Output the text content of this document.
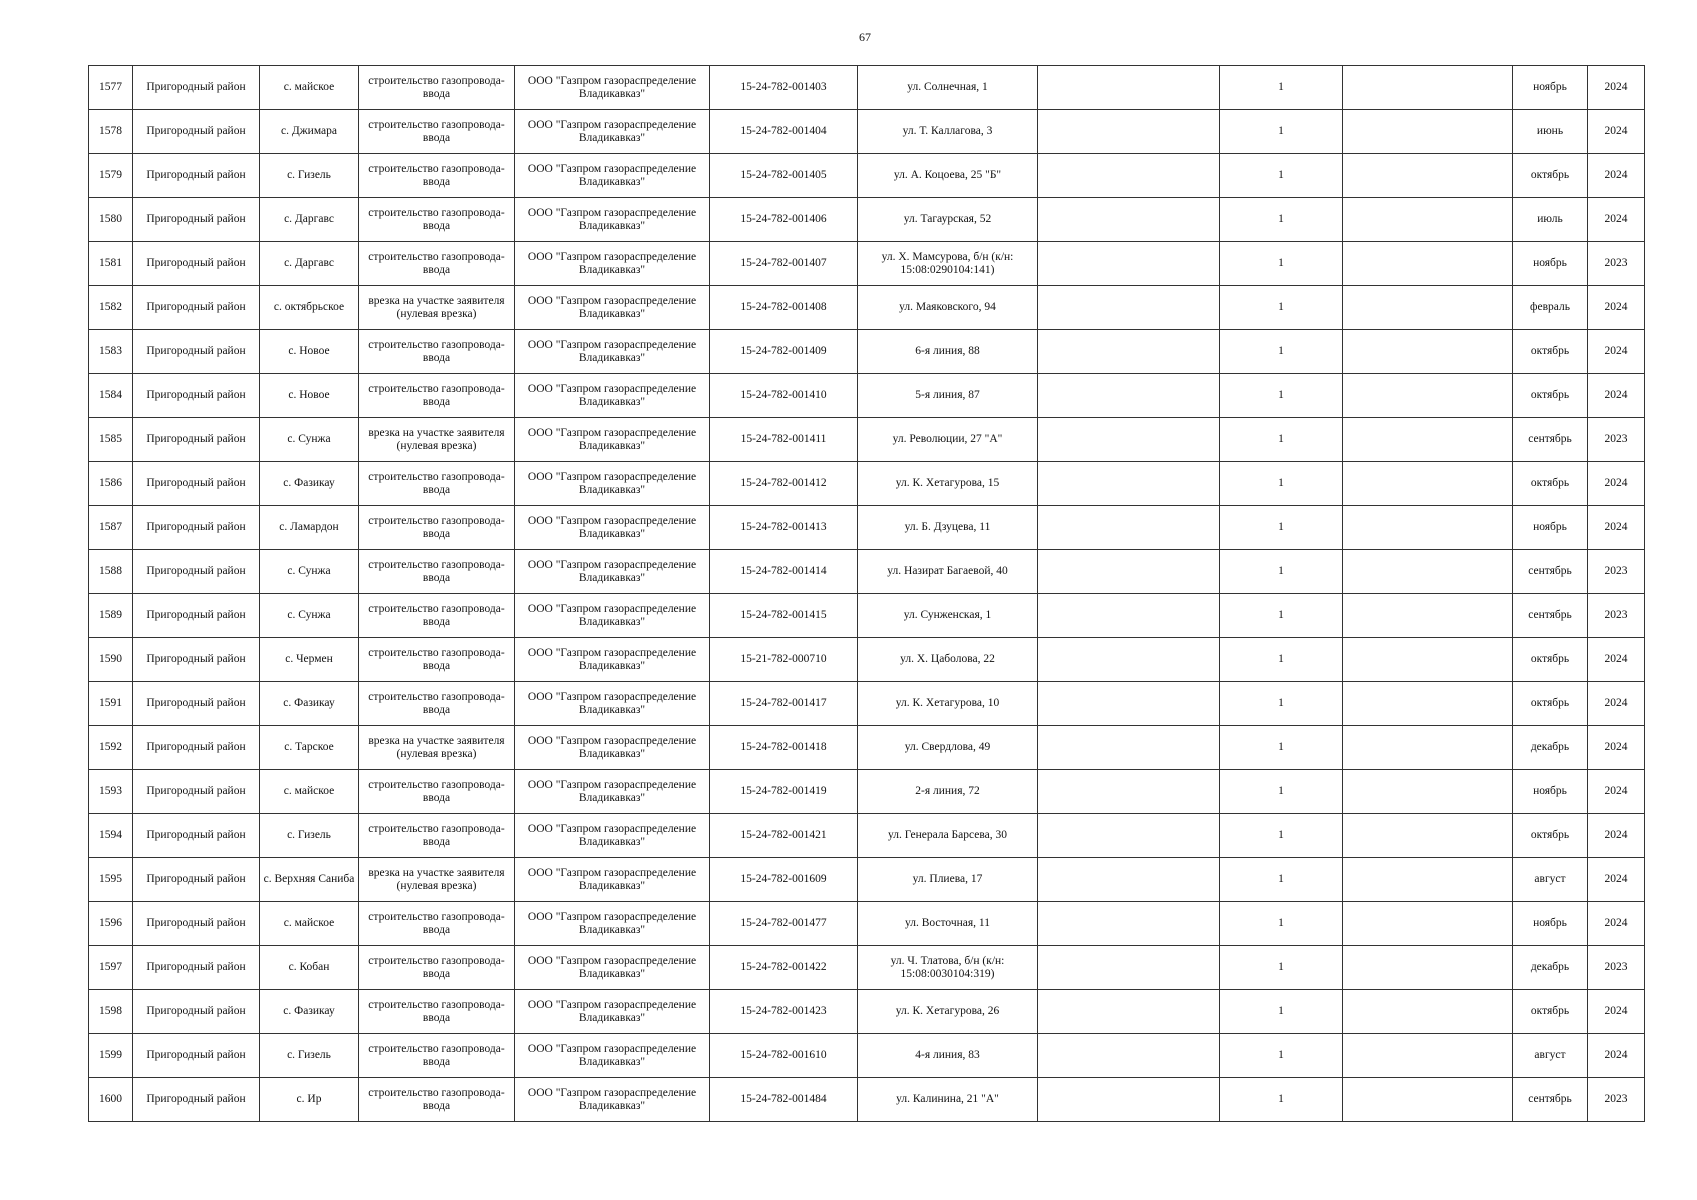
67
1577	Пригородный район	с. майское	строительство газопровода-ввода	ООО "Газпром газораспределение Владикавказ"	15-24-782-001403	ул. Солнечная, 1		1		ноябрь	2024
1578	Пригородный район	с. Джимара	строительство газопровода-ввода	ООО "Газпром газораспределение Владикавказ"	15-24-782-001404	ул. Т. Каллагова, 3		1		июнь	2024
1579	Пригородный район	с. Гизель	строительство газопровода-ввода	ООО "Газпром газораспределение Владикавказ"	15-24-782-001405	ул. А. Коцоева, 25 "Б"		1		октябрь	2024
1580	Пригородный район	с. Даргавс	строительство газопровода-ввода	ООО "Газпром газораспределение Владикавказ"	15-24-782-001406	ул. Тагаурская, 52		1		июль	2024
1581	Пригородный район	с. Даргавс	строительство газопровода-ввода	ООО "Газпром газораспределение Владикавказ"	15-24-782-001407	ул. Х. Мамсурова, б/н (к/н: 15:08:0290104:141)		1		ноябрь	2023
1582	Пригородный район	с. октябрьское	врезка на участке заявителя (нулевая врезка)	ООО "Газпром газораспределение Владикавказ"	15-24-782-001408	ул. Маяковского, 94		1		февраль	2024
1583	Пригородный район	с. Новое	строительство газопровода-ввода	ООО "Газпром газораспределение Владикавказ"	15-24-782-001409	6-я линия, 88		1		октябрь	2024
1584	Пригородный район	с. Новое	строительство газопровода-ввода	ООО "Газпром газораспределение Владикавказ"	15-24-782-001410	5-я линия, 87		1		октябрь	2024
1585	Пригородный район	с. Сунжа	врезка на участке заявителя (нулевая врезка)	ООО "Газпром газораспределение Владикавказ"	15-24-782-001411	ул. Революции, 27 "А"		1		сентябрь	2023
1586	Пригородный район	с. Фазикау	строительство газопровода-ввода	ООО "Газпром газораспределение Владикавказ"	15-24-782-001412	ул. К. Хетагурова, 15		1		октябрь	2024
1587	Пригородный район	с. Ламардон	строительство газопровода-ввода	ООО "Газпром газораспределение Владикавказ"	15-24-782-001413	ул. Б. Дзуцева, 11		1		ноябрь	2024
1588	Пригородный район	с. Сунжа	строительство газопровода-ввода	ООО "Газпром газораспределение Владикавказ"	15-24-782-001414	ул. Назират Багаевой, 40		1		сентябрь	2023
1589	Пригородный район	с. Сунжа	строительство газопровода-ввода	ООО "Газпром газораспределение Владикавказ"	15-24-782-001415	ул. Сунженская, 1		1		сентябрь	2023
1590	Пригородный район	с. Чермен	строительство газопровода-ввода	ООО "Газпром газораспределение Владикавказ"	15-21-782-000710	ул. Х. Цаболова, 22		1		октябрь	2024
1591	Пригородный район	с. Фазикау	строительство газопровода-ввода	ООО "Газпром газораспределение Владикавказ"	15-24-782-001417	ул. К. Хетагурова, 10		1		октябрь	2024
1592	Пригородный район	с. Тарское	врезка на участке заявителя (нулевая врезка)	ООО "Газпром газораспределение Владикавказ"	15-24-782-001418	ул. Свердлова, 49		1		декабрь	2024
1593	Пригородный район	с. майское	строительство газопровода-ввода	ООО "Газпром газораспределение Владикавказ"	15-24-782-001419	2-я линия, 72		1		ноябрь	2024
1594	Пригородный район	с. Гизель	строительство газопровода-ввода	ООО "Газпром газораспределение Владикавказ"	15-24-782-001421	ул. Генерала Барсева, 30		1		октябрь	2024
1595	Пригородный район	с. Верхняя Саниба	врезка на участке заявителя (нулевая врезка)	ООО "Газпром газораспределение Владикавказ"	15-24-782-001609	ул. Плиева, 17		1		август	2024
1596	Пригородный район	с. майское	строительство газопровода-ввода	ООО "Газпром газораспределение Владикавказ"	15-24-782-001477	ул. Восточная, 11		1		ноябрь	2024
1597	Пригородный район	с. Кобан	строительство газопровода-ввода	ООО "Газпром газораспределение Владикавказ"	15-24-782-001422	ул. Ч. Тлатова, б/н (к/н: 15:08:0030104:319)		1		декабрь	2023
1598	Пригородный район	с. Фазикау	строительство газопровода-ввода	ООО "Газпром газораспределение Владикавказ"	15-24-782-001423	ул. К. Хетагурова, 26		1		октябрь	2024
1599	Пригородный район	с. Гизель	строительство газопровода-ввода	ООО "Газпром газораспределение Владикавказ"	15-24-782-001610	4-я линия, 83		1		август	2024
1600	Пригородный район	с. Ир	строительство газопровода-ввода	ООО "Газпром газораспределение Владикавказ"	15-24-782-001484	ул. Калинина, 21 "А"		1		сентябрь	2023
